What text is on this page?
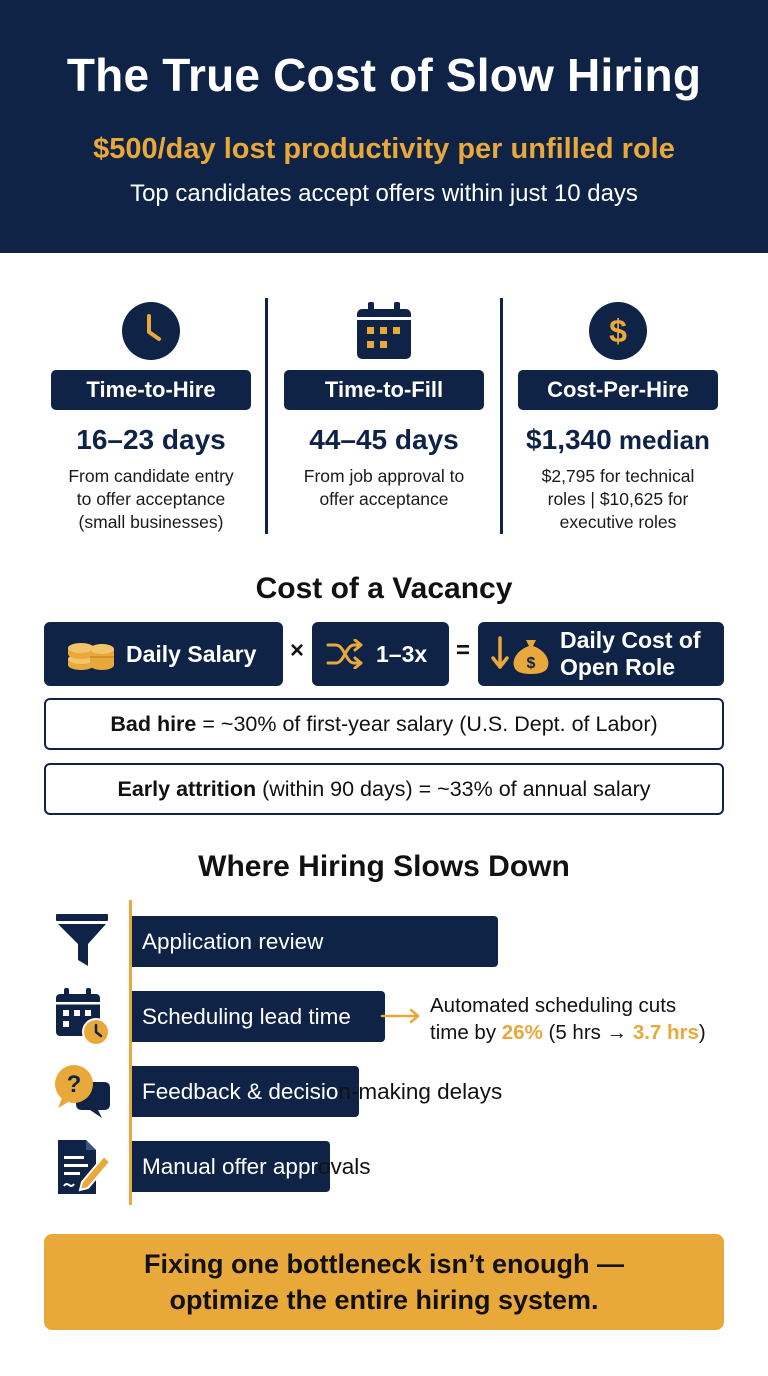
The True Cost of Slow Hiring
$500/day lost productivity per unfilled role
Top candidates accept offers within just 10 days
Time-to-Hire
16–23 days
From candidate entry
to offer acceptance
(small businesses)
Time-to-Fill
44–45 days
From job approval to
offer acceptance
$
Cost-Per-Hire
$1,340 median
$2,795 for technical
roles | $10,625 for
executive roles
Cost of a Vacancy
Daily Salary ×	1–3x =	$
Daily Cost of
Open Role
Bad hire = ~30% of first-year salary (U.S. Dept. of Labor)
Early attrition (within 90 days) = ~33% of annual salary
Where Hiring Slows Down
Application review
Scheduling lead time	Automated scheduling cuts
time by 26% (5 hrs → 3.7 hrs)
?	Feedback & decisio n-making delays
Manual offer appr ovals
Fixing one bottleneck isn’t enough —
optimize the entire hiring system.
